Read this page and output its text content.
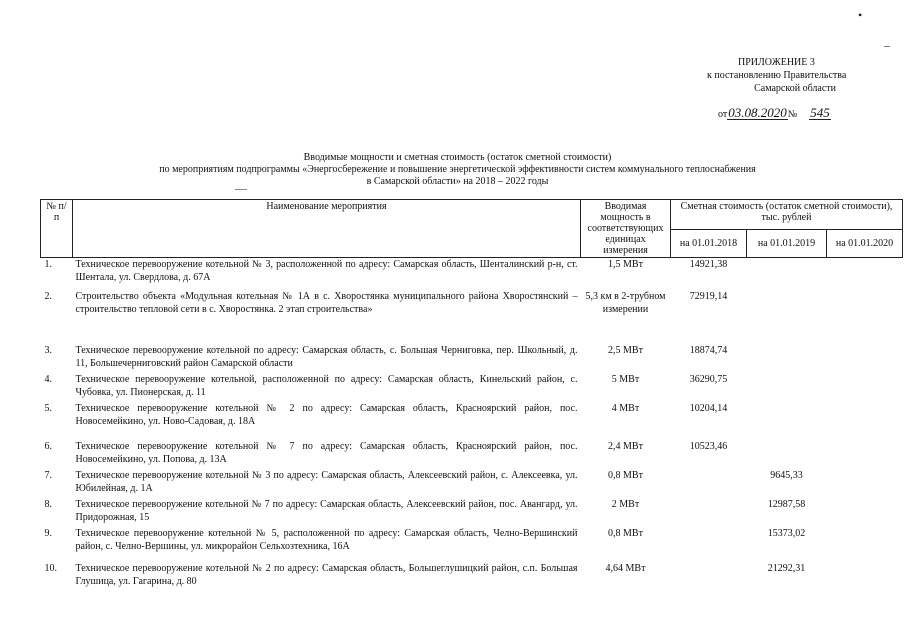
•
–
ПРИЛОЖЕНИЕ 3
к постановлению Правительства
Самарской области
от 03.08.2020 № 545
Вводимые мощности и сметная стоимость (остаток сметной стоимости)
по мероприятиям подпрограммы «Энергосбережение и повышение энергетической эффективности систем коммунального теплоснабжения
в Самарской области» на 2018 – 2022 годы
№ п/п	Наименование мероприятия	Вводимая мощность в соответствующих единицах измерения	Сметная стоимость (остаток сметной стоимости), тыс. рублей		
			на 01.01.2018	на 01.01.2019	на 01.01.2020
1.	Техническое перевооружение котельной № 3, расположенной по адресу: Самарская область, Шенталинский р-н, ст. Шентала, ул. Свердлова, д. 67А	1,5 МВт	14921,38		
2.	Строительство объекта «Модульная котельная № 1А в с. Хворостянка муниципального района Хворостянский – строительство тепловой сети в с. Хворостянка. 2 этап строительства»	5,3 км в 2-трубном измерении	72919,14		
3.	Техническое перевооружение котельной по адресу: Самарская область, с. Большая Черниговка, пер. Школьный, д. 11, Большечерниговский район Самарской области	2,5 МВт	18874,74		
4.	Техническое перевооружение котельной, расположенной по адресу: Самарская область, Кинельский район, с. Чубовка, ул. Пионерская, д. 11	5 МВт	36290,75		
5.	Техническое перевооружение котельной № 2 по адресу: Самарская область, Красноярский район, пос. Новосемейкино, ул. Ново-Садовая, д. 18А	4 МВт	10204,14		
6.	Техническое перевооружение котельной № 7 по адресу: Самарская область, Красноярский район, пос. Новосемейкино, ул. Попова, д. 13А	2,4 МВт	10523,46		
7.	Техническое перевооружение котельной № 3 по адресу: Самарская область, Алексеевский район, с. Алексеевка, ул. Юбилейная, д. 1А	0,8 МВт		9645,33	
8.	Техническое перевооружение котельной № 7 по адресу: Самарская область, Алексеевский район, пос. Авангард, ул. Придорожная, 15	2 МВт		12987,58	
9.	Техническое перевооружение котельной № 5, расположенной по адресу: Самарская область, Челно-Вершинский район, с. Челно-Вершины, ул. микрорайон Сельхозтехника, 16А	0,8 МВт		15373,02	
10.	Техническое перевооружение котельной № 2 по адресу: Самарская область, Большеглушицкий район, с.п. Большая Глушица, ул. Гагарина, д. 80	4,64 МВт		21292,31	
